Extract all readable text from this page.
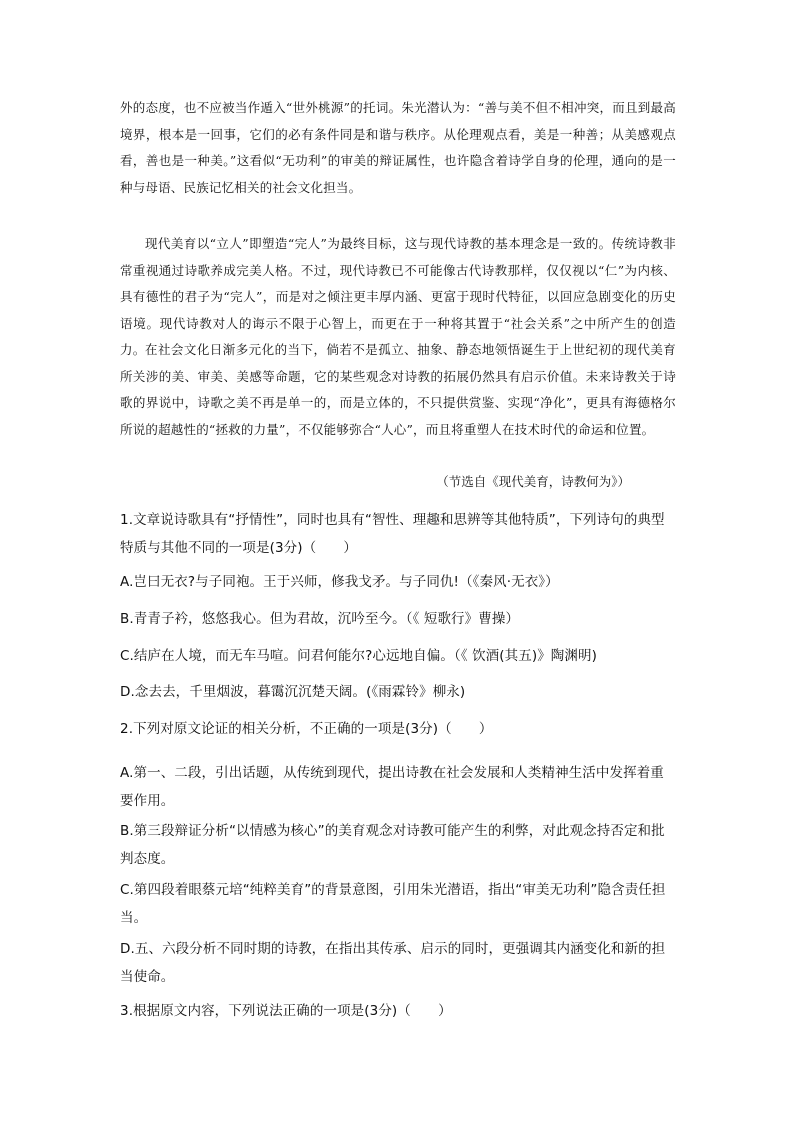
外的态度，也不应被当作遁入“世外桃源”的托词。朱光潜认为：“善与美不但不相冲突，而且到最高境界，根本是一回事，它们的必有条件同是和谐与秩序。从伦理观点看，美是一种善；从美感观点看，善也是一种美。”这看似“无功利”的审美的辩证属性，也许隐含着诗学自身的伦理，通向的是一种与母语、民族记忆相关的社会文化担当。

现代美育以“立人”即塑造“完人”为最终目标，这与现代诗教的基本理念是一致的。传统诗教非常重视通过诗歌养成完美人格。不过，现代诗教已不可能像古代诗教那样，仅仅视以“仁”为内核、具有德性的君子为“完人”，而是对之倾注更丰厚内涵、更富于现时代特征，以回应急剧变化的历史语境。现代诗教对人的诲示不限于心智上，而更在于一种将其置于“社会关系”之中所产生的创造力。 在社会文化日渐多元化的当下，倘若不是孤立、抽象、静态地领悟诞生于上世纪初的现代美育所关涉的美、审美、美感等命题，它的某些观念对诗教的拓展仍然具有启示价值。未来诗教关于诗歌的界说中，诗歌之美不再是单一的，而是立体的，不只提供赏鉴、实现“净化”，更具有海德格尔所说的超越性的“拯救的力量”，不仅能够弥合“人心”，而且将重塑人在技术时代的命运和位置。

（节选自《现代美育，诗教何为》）

1.文章说诗歌具有“抒情性”，同时也具有“智性、理趣和思辨等其他特质”，下列诗句的典型特质与其他不同的一项是(3分)（　　）

A.岂曰无衣?与子同袍。王于兴师，修我戈矛。与子同仇!（《秦风·无衣》）

B.青青子衿，悠悠我心。但为君故，沉吟至今。（《 短歌行》曹操）

C.结庐在人境，而无车马喧。问君何能尔?心远地自偏。（《 饮酒(其五)》陶渊明)

D.念去去，千里烟波，暮霭沉沉楚天阔。(《雨霖铃》柳永)

2.下列对原文论证的相关分析，不正确的一项是(3分)（　　）

A.第一、二段，引出话题，从传统到现代，提出诗教在社会发展和人类精神生活中发挥着重要作用。

B.第三段辩证分析“以情感为核心”的美育观念对诗教可能产生的利弊，对此观念持否定和批判态度。

C.第四段着眼蔡元培“纯粹美育”的背景意图，引用朱光潜语，指出“审美无功利”隐含责任担当。

D.五、六段分析不同时期的诗教，在指出其传承、启示的同时，更强调其内涵变化和新的担当使命。

3.根据原文内容，下列说法正确的一项是(3分)（　　）
